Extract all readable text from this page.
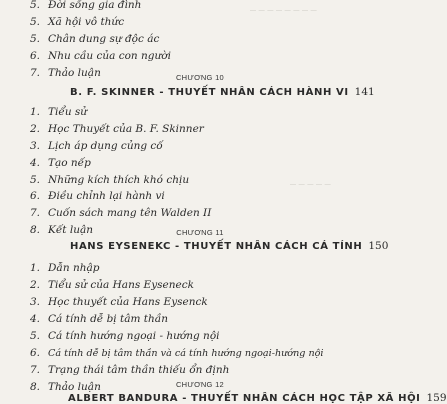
— — — — — — — —
— — — — —
5. Đời sống gia đình
5. Xã hội vô thức
5. Chân dung sự độc ác
6. Nhu cầu của con người
7. Thảo luận	CHƯƠNG 10
B. F. SKINNER - THUYẾT NHÂN CÁCH HÀNH VI 141
1. Tiểu sử
2. Học Thuyết của B. F. Skinner
3. Lịch áp dụng củng cố
4. Tạo nếp
5. Những kích thích khó chịu
6. Điều chỉnh lại hành vi
7. Cuốn sách mang tên Walden II
8. Kết luận	CHƯƠNG 11
HANS EYSENEKC - THUYẾT NHÂN CÁCH CÁ TÍNH 150
1. Dẫn nhập
2. Tiểu sử của Hans Eyseneck
3. Học thuyết của Hans Eysenck
4. Cá tính dễ bị tâm thần
5. Cá tính hướng ngoại - hướng nội
6. Cá tính dễ bị tâm thần và cá tính hướng ngoại-hướng nội
7. Trạng thái tâm thần thiếu ổn định
8. Thảo luận	CHƯƠNG 12
ALBERT BANDURA - THUYẾT NHÂN CÁCH HỌC TẬP XÃ HỘI 159
